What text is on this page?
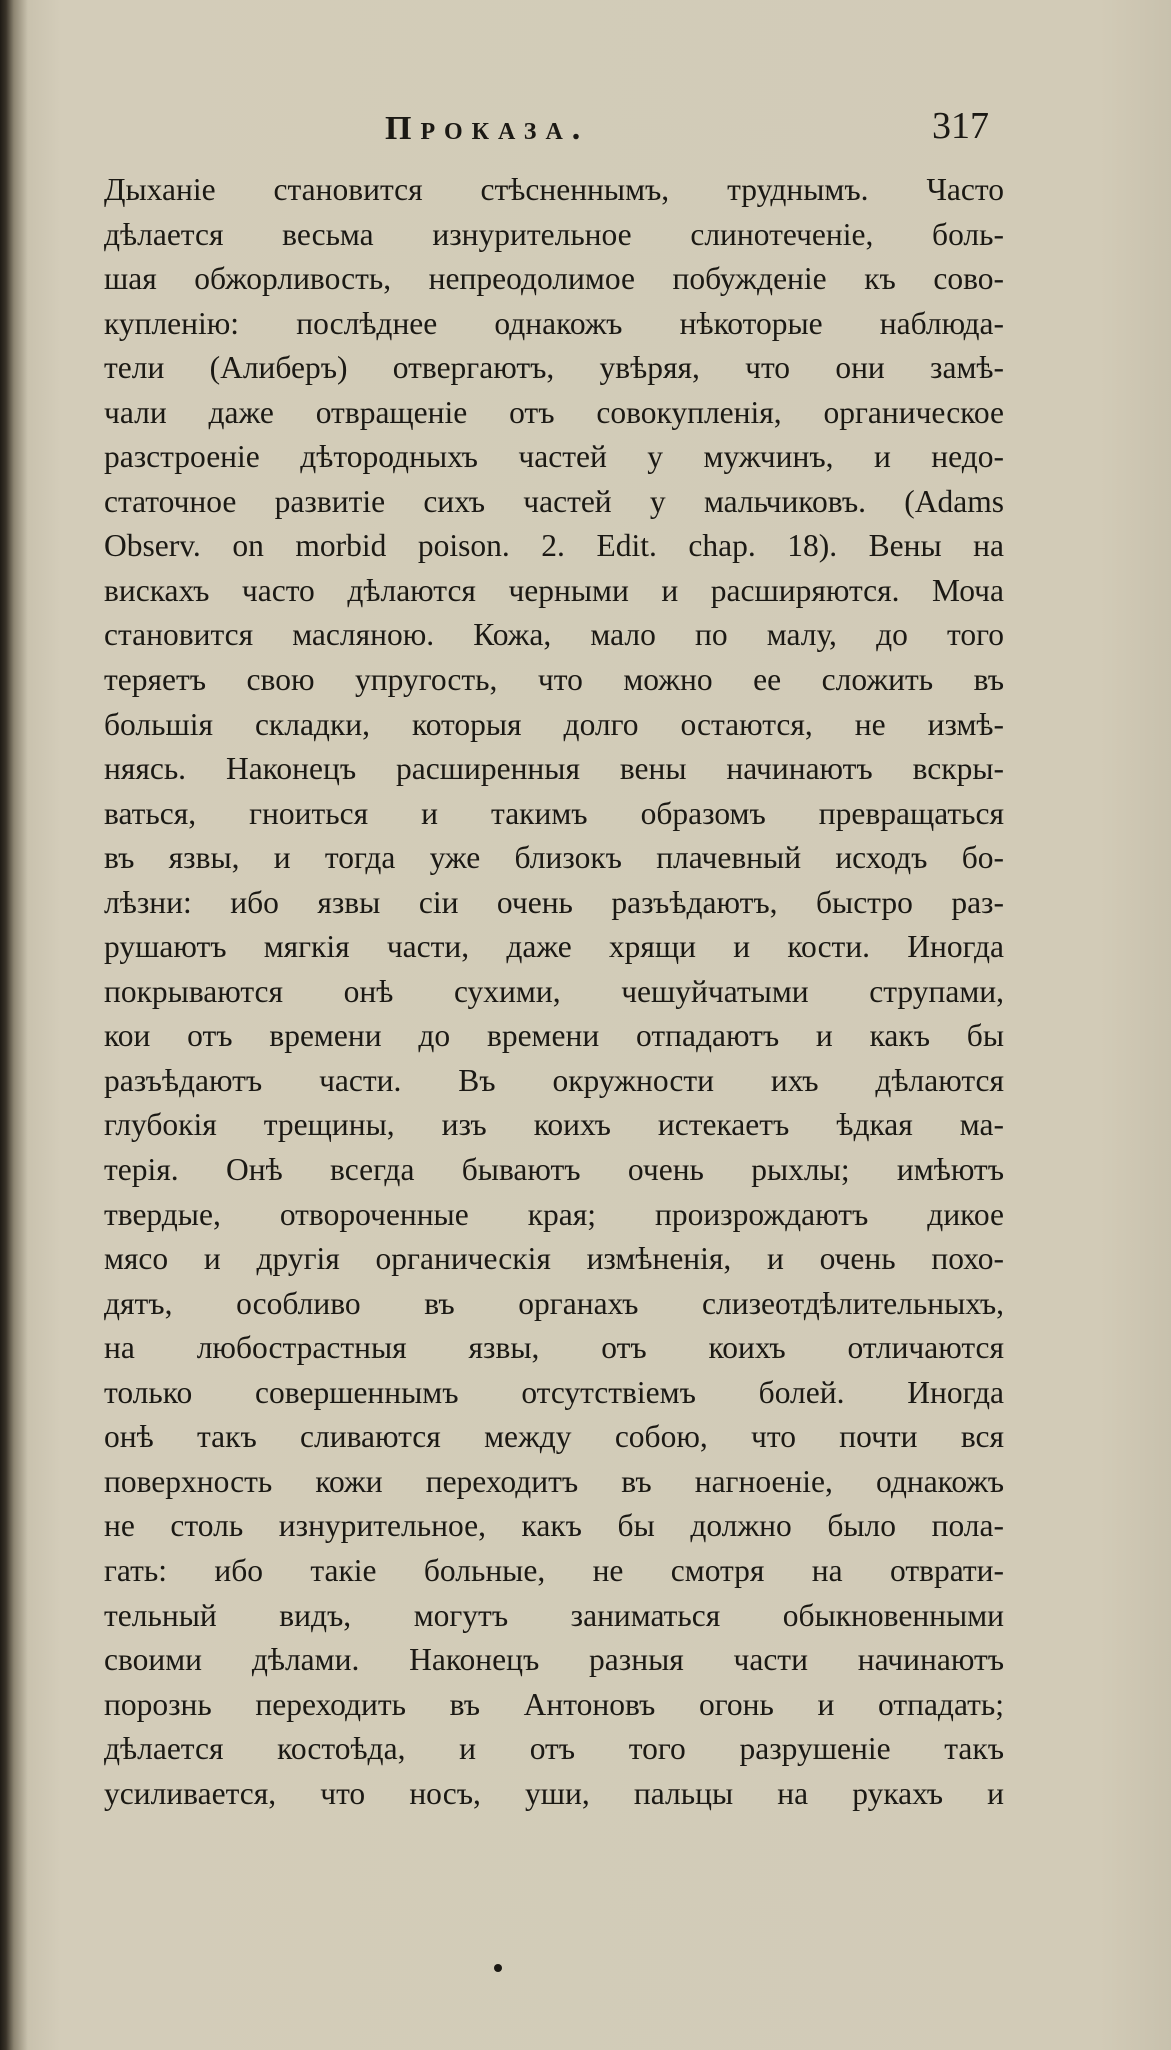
Проказа.	317
Дыханіе становится стѣсненнымъ, труднымъ. Часто
дѣлается весьма изнурительное слинотеченіе, боль-
шая обжорливость, непреодолимое побужденіе къ сово-
купленію: послѣднее однакожъ нѣкоторые наблюда-
тели (Алиберъ) отвергаютъ, увѣряя, что они замѣ-
чали даже отвращеніе отъ совокупленія, органическое
разстроеніе дѣтородныхъ частей у мужчинъ, и недо-
статочное развитіе сихъ частей у мальчиковъ. (Adams
Observ. on morbid poison. 2. Edit. chap. 18). Вены на
вискахъ часто дѣлаются черными и расширяются. Моча
становится масляною. Кожа, мало по малу, до того
теряетъ свою упругость, что можно ее сложить въ
большія складки, которыя долго остаются, не измѣ-
няясь. Наконецъ расширенныя вены начинаютъ вскры-
ваться, гноиться и такимъ образомъ превращаться
въ язвы, и тогда уже близокъ плачевный исходъ бо-
лѣзни: ибо язвы сіи очень разъѣдаютъ, быстро раз-
рушаютъ мягкія части, даже хрящи и кости. Иногда
покрываются онѣ сухими, чешуйчатыми струпами,
кои отъ времени до времени отпадаютъ и какъ бы
разъѣдаютъ части. Въ окружности ихъ дѣлаются
глубокія трещины, изъ коихъ истекаетъ ѣдкая ма-
терія. Онѣ всегда бываютъ очень рыхлы; имѣютъ
твердые, отвороченные края; произрождаютъ дикое
мясо и другія органическія измѣненія, и очень похо-
дятъ, особливо въ органахъ слизеотдѣлительныхъ,
на любострастныя язвы, отъ коихъ отличаются
только совершеннымъ отсутствіемъ болей. Иногда
онѣ такъ сливаются между собою, что почти вся
поверхность кожи переходитъ въ нагноеніе, однакожъ
не столь изнурительное, какъ бы должно было пола-
гать: ибо такіе больные, не смотря на отврати-
тельный видъ, могутъ заниматься обыкновенными
своими дѣлами. Наконецъ разныя части начинаютъ
порознь переходить въ Антоновъ огонь и отпадать;
дѣлается костоѣда, и отъ того разрушеніе такъ
усиливается, что носъ, уши, пальцы на рукахъ и
